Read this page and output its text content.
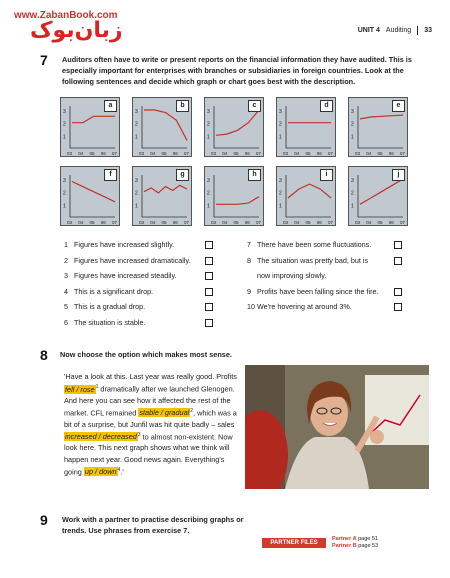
www.ZabanBook.com
زبان‌بوک	UNIT 4 Auditing 33
7 Auditors often have to write or present reports on the financial information they have audited. This is especially important for enterprises with branches or subsidiaries in foreign countries. Look at the following sentences and decide which graph or chart goes best with the description.
3
2
1
03 04 05 06 07
a
3
2
1
03 04 05 06 07
b
3
2
1
03 04 05 06 07
c
3
2
1
03 04 05 06 07
d
3
2
1
03 04 05 06 07
e
3
2
1
03 04 05 06 07
f
3
2
1
03 04 05 06 07
g
3
2
1
03 04 05 06 07
h
3
2
1
03 04 05 06 07
i
3
2
1
03 04 05 06 07
j
1 Figures have increased slightly.
2 Figures have increased dramatically.
3 Figures have increased steadily.
4 This is a significant drop.
5 This is a gradual drop.
6 The situation is stable.
7 There have been some fluctuations.
8 The situation was pretty bad, but is
now improving slowly.
9 Profits have been falling since the fire.
10 We're hovering at around 3%.
8 Now choose the option which makes most sense.
'Have a look at this. Last year was really good. Profits fell / rose$^1$ dramatically after we launched Glenogen. And here you can see how it affected the rest of the market. CFL remained stable / gradual$^2$, which was a bit of a surprise, but Junfil was hit quite badly – sales increased / decreased$^3$ to almost non-existent. Now look here. This next graph shows what we think will happen next year. Good news again. Everything's going up / down$^4$.'
9 Work with a partner to practise describing graphs or trends. Use phrases from exercise 7.
PARTNER FILES
Partner A page 51
Partner B page 53
